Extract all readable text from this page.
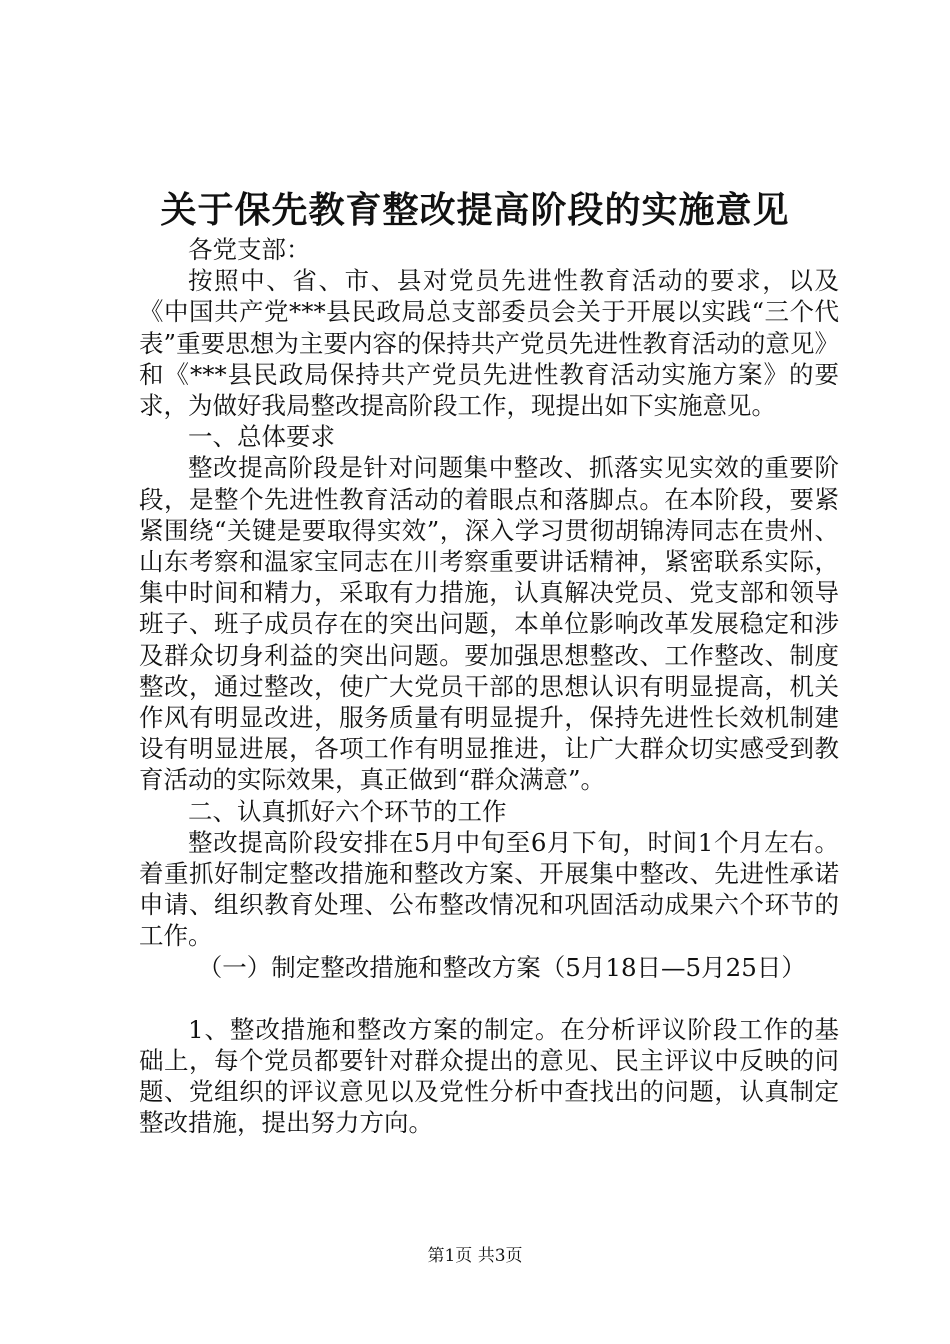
关于保先教育整改提高阶段的实施意见

各党支部：

按照中、省、市、县对党员先进性教育活动的要求，以及《中国共产党***县民政局总支部委员会关于开展以实践“三个代表”重要思想为主要内容的保持共产党员先进性教育活动的意见》和《***县民政局保持共产党员先进性教育活动实施方案》的要求，为做好我局整改提高阶段工作，现提出如下实施意见。

一、总体要求

整改提高阶段是针对问题集中整改、抓落实见实效的重要阶段，是整个先进性教育活动的着眼点和落脚点。在本阶段，要紧紧围绕“关键是要取得实效”，深入学习贯彻胡锦涛同志在贵州、山东考察和温家宝同志在川考察重要讲话精神，紧密联系实际，集中时间和精力，采取有力措施，认真解决党员、党支部和领导班子、班子成员存在的突出问题，本单位影响改革发展稳定和涉及群众切身利益的突出问题。要加强思想整改、工作整改、制度整改，通过整改，使广大党员干部的思想认识有明显提高，机关作风有明显改进，服务质量有明显提升，保持先进性长效机制建设有明显进展，各项工作有明显推进，让广大群众切实感受到教育活动的实际效果，真正做到“群众满意”。

二、认真抓好六个环节的工作

整改提高阶段安排在5月中旬至6月下旬，时间1个月左右。着重抓好制定整改措施和整改方案、开展集中整改、先进性承诺申请、组织教育处理、公布整改情况和巩固活动成果六个环节的工作。

（一）制定整改措施和整改方案（5月18日—5月25日）

1、整改措施和整改方案的制定。在分析评议阶段工作的基础上，每个党员都要针对群众提出的意见、民主评议中反映的问题、党组织的评议意见以及党性分析中查找出的问题，认真制定整改措施，提出努力方向。

第1页 共3页
